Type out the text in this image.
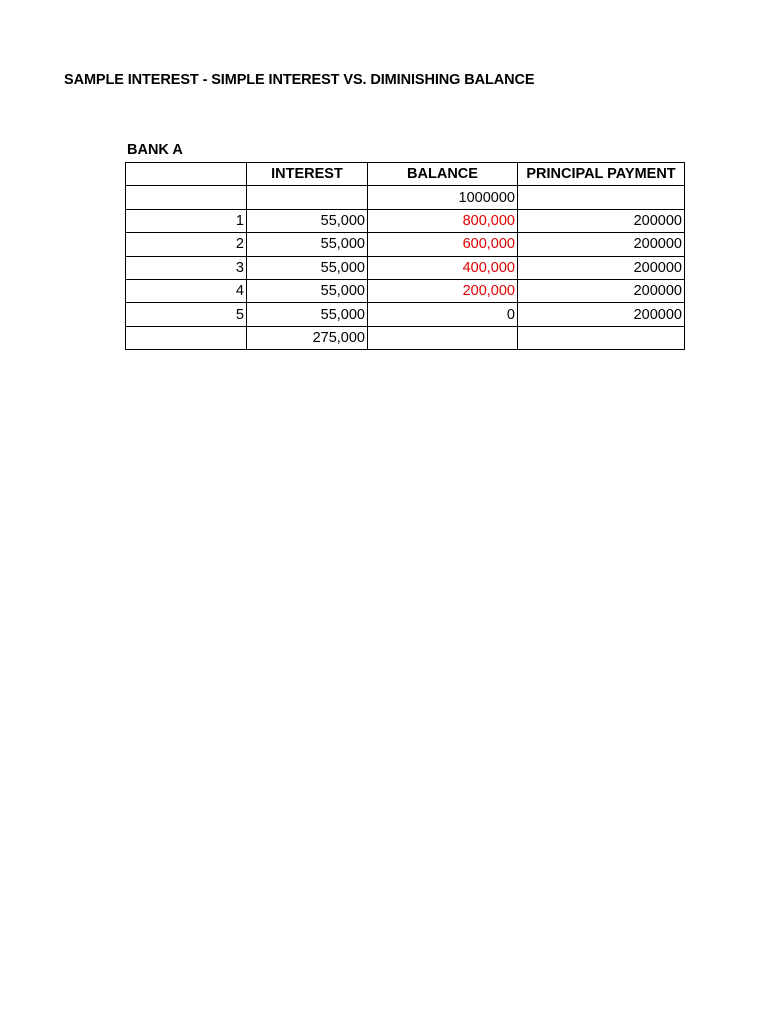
SAMPLE INTEREST - SIMPLE INTEREST VS. DIMINISHING BALANCE
BANK A
	INTEREST	BALANCE	PRINCIPAL PAYMENT
		1000000	
1	55,000	800,000	200000
2	55,000	600,000	200000
3	55,000	400,000	200000
4	55,000	200,000	200000
5	55,000	0	200000
	275,000		
